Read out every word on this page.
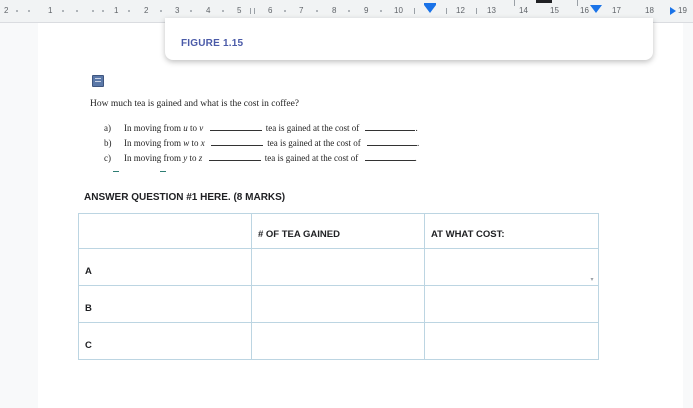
2	1	1	2	3	4	5	6	7	8	9	10	12	13	14	15	16	17	18	19
FIGURE 1.15
How much tea is gained and what is the cost in coffee?
a) In moving from u to v	tea is gained at the cost of	.
b) In moving from w to x	tea is gained at the cost of	.
c) In moving from y to z	tea is gained at the cost of	.
ANSWER QUESTION #1 HERE. (8 MARKS)
	# OF TEA GAINED	AT WHAT COST:
A		
B		
C		
▾
